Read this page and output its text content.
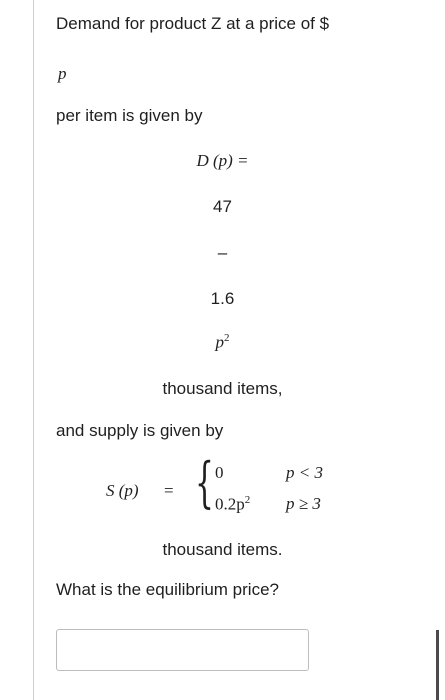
Demand for product Z at a price of $
p
per item is given by
D (p) =
47
–
1.6
$p^2$
thousand items,
and supply is given by
S (p) = { 0	p < 3
$0.2p^2$ p ≥ 3
thousand items.
What is the equilibrium price?
